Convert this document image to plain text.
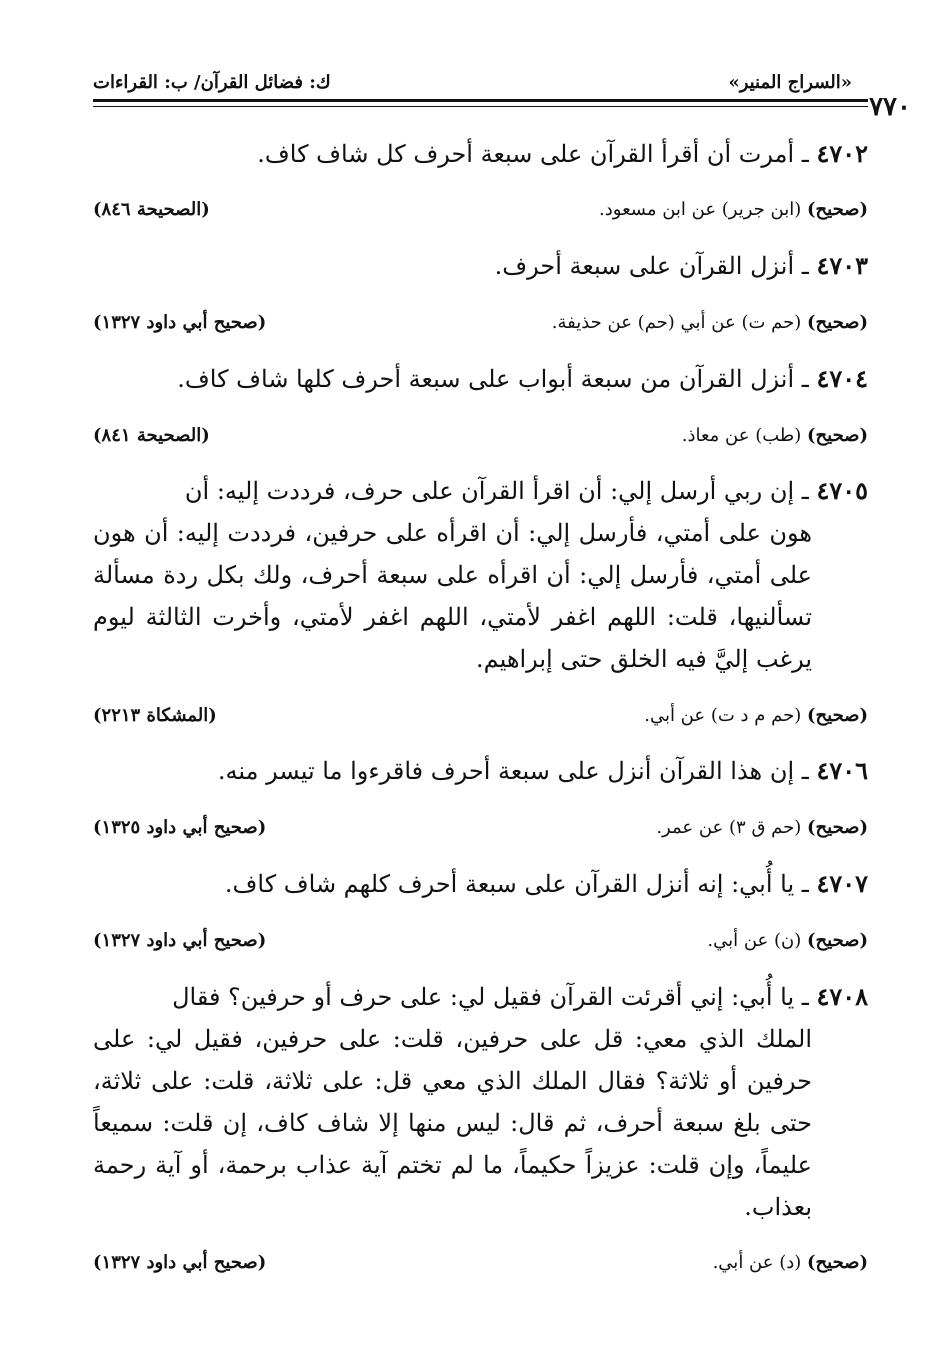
«السراج المنير»
ك: فضائل القرآن/ ب: القراءات
٧٧٠
٤٧٠٢ ـ أمرت أن أقرأ القرآن على سبعة أحرف كل شاف كاف.
(صحيح) (ابن جرير) عن ابن مسعود.
(الصحيحة ٨٤٦)
٤٧٠٣ ـ أنزل القرآن على سبعة أحرف.
(صحيح) (حم ت) عن أبي (حم) عن حذيفة.
(صحيح أبي داود ١٣٢٧)
٤٧٠٤ ـ أنزل القرآن من سبعة أبواب على سبعة أحرف كلها شاف كاف.
(صحيح) (طب) عن معاذ.
(الصحيحة ٨٤١)
٤٧٠٥ ـ إن ربي أرسل إلي: أن اقرأ القرآن على حرف، فرددت إليه: أن
هون على أمتي، فأرسل إلي: أن اقرأه على حرفين، فرددت إليه: أن هون على أمتي، فأرسل إلي: أن اقرأه على سبعة أحرف، ولك بكل ردة مسألة تسألنيها، قلت: اللهم اغفر لأمتي، اللهم اغفر لأمتي، وأخرت الثالثة ليوم يرغب إليَّ فيه الخلق حتى إبراهيم.
(صحيح) (حم م د ت) عن أبي.
(المشكاة ٢٢١٣)
٤٧٠٦ ـ إن هذا القرآن أنزل على سبعة أحرف فاقرءوا ما تيسر منه.
(صحيح) (حم ق ٣) عن عمر.
(صحيح أبي داود ١٣٢٥)
٤٧٠٧ ـ يا أُبي: إنه أنزل القرآن على سبعة أحرف كلهم شاف كاف.
(صحيح) (ن) عن أبي.
(صحيح أبي داود ١٣٢٧)
٤٧٠٨ ـ يا أُبي: إني أقرئت القرآن فقيل لي: على حرف أو حرفين؟ فقال
الملك الذي معي: قل على حرفين، قلت: على حرفين، فقيل لي: على حرفين أو ثلاثة؟ فقال الملك الذي معي قل: على ثلاثة، قلت: على ثلاثة، حتى بلغ سبعة أحرف، ثم قال: ليس منها إلا شاف كاف، إن قلت: سميعاً عليماً، وإن قلت: عزيزاً حكيماً، ما لم تختم آية عذاب برحمة، أو آية رحمة بعذاب.
(صحيح) (د) عن أبي.
(صحيح أبي داود ١٣٢٧)
